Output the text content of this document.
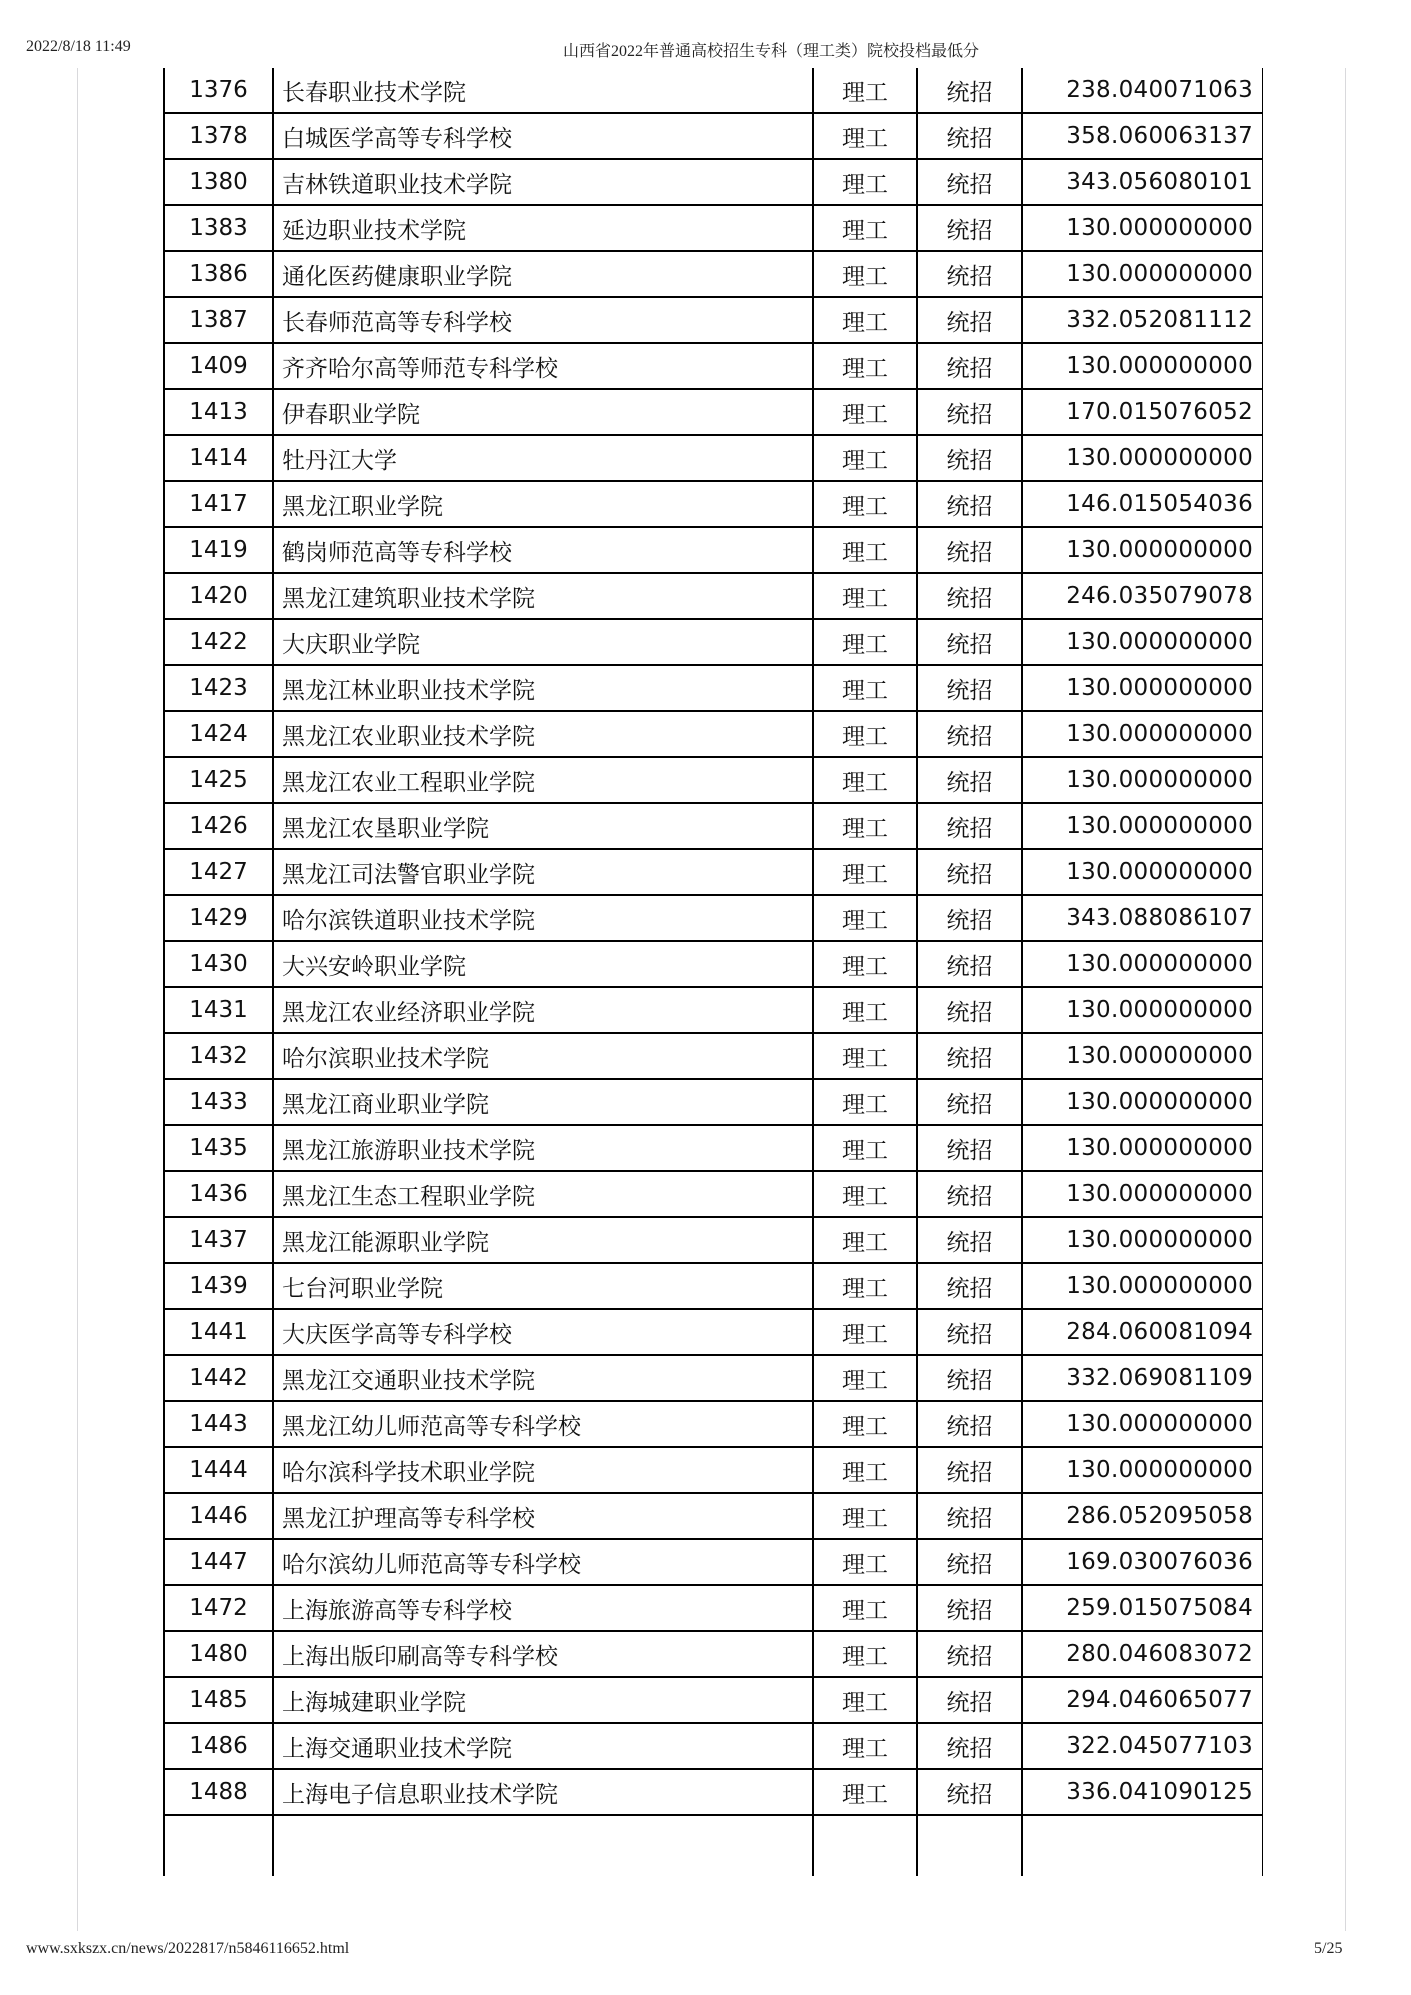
2022/8/18 11:49	山西省2022年普通高校招生专科（理工类）院校投档最低分
1376	长春职业技术学院	理工	统招	238.040071063
1378	白城医学高等专科学校	理工	统招	358.060063137
1380	吉林铁道职业技术学院	理工	统招	343.056080101
1383	延边职业技术学院	理工	统招	130.000000000
1386	通化医药健康职业学院	理工	统招	130.000000000
1387	长春师范高等专科学校	理工	统招	332.052081112
1409	齐齐哈尔高等师范专科学校	理工	统招	130.000000000
1413	伊春职业学院	理工	统招	170.015076052
1414	牡丹江大学	理工	统招	130.000000000
1417	黑龙江职业学院	理工	统招	146.015054036
1419	鹤岗师范高等专科学校	理工	统招	130.000000000
1420	黑龙江建筑职业技术学院	理工	统招	246.035079078
1422	大庆职业学院	理工	统招	130.000000000
1423	黑龙江林业职业技术学院	理工	统招	130.000000000
1424	黑龙江农业职业技术学院	理工	统招	130.000000000
1425	黑龙江农业工程职业学院	理工	统招	130.000000000
1426	黑龙江农垦职业学院	理工	统招	130.000000000
1427	黑龙江司法警官职业学院	理工	统招	130.000000000
1429	哈尔滨铁道职业技术学院	理工	统招	343.088086107
1430	大兴安岭职业学院	理工	统招	130.000000000
1431	黑龙江农业经济职业学院	理工	统招	130.000000000
1432	哈尔滨职业技术学院	理工	统招	130.000000000
1433	黑龙江商业职业学院	理工	统招	130.000000000
1435	黑龙江旅游职业技术学院	理工	统招	130.000000000
1436	黑龙江生态工程职业学院	理工	统招	130.000000000
1437	黑龙江能源职业学院	理工	统招	130.000000000
1439	七台河职业学院	理工	统招	130.000000000
1441	大庆医学高等专科学校	理工	统招	284.060081094
1442	黑龙江交通职业技术学院	理工	统招	332.069081109
1443	黑龙江幼儿师范高等专科学校	理工	统招	130.000000000
1444	哈尔滨科学技术职业学院	理工	统招	130.000000000
1446	黑龙江护理高等专科学校	理工	统招	286.052095058
1447	哈尔滨幼儿师范高等专科学校	理工	统招	169.030076036
1472	上海旅游高等专科学校	理工	统招	259.015075084
1480	上海出版印刷高等专科学校	理工	统招	280.046083072
1485	上海城建职业学院	理工	统招	294.046065077
1486	上海交通职业技术学院	理工	统招	322.045077103
1488	上海电子信息职业技术学院	理工	统招	336.041090125

www.sxkszx.cn/news/2022817/n5846116652.html	5/25
